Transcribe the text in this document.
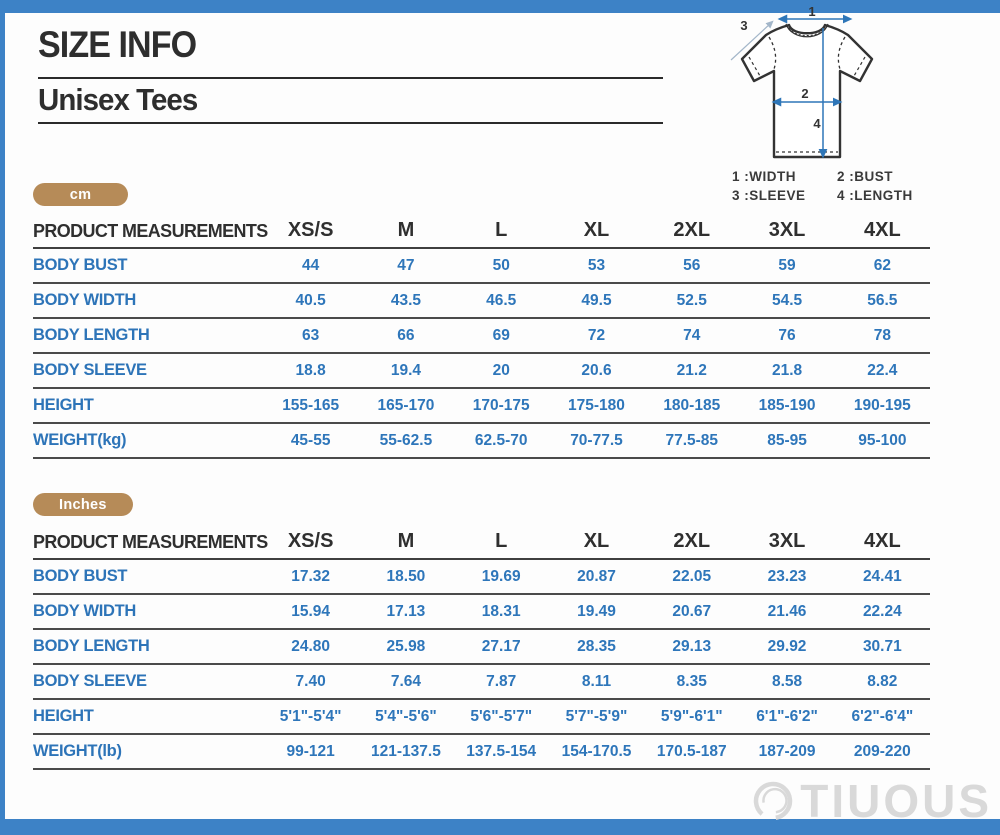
SIZE INFO
Unisex Tees
1
2
3
4
1 :WIDTH	2 :BUST
3 :SLEEVE	4 :LENGTH
cm
PRODUCT MEASUREMENTS	XS/S	M	L	XL	2XL	3XL	4XL
BODY BUST	44	47	50	53	56	59	62
BODY WIDTH	40.5	43.5	46.5	49.5	52.5	54.5	56.5
BODY LENGTH	63	66	69	72	74	76	78
BODY SLEEVE	18.8	19.4	20	20.6	21.2	21.8	22.4
HEIGHT	155-165	165-170	170-175	175-180	180-185	185-190	190-195
WEIGHT(kg)	45-55	55-62.5	62.5-70	70-77.5	77.5-85	85-95	95-100
Inches
PRODUCT MEASUREMENTS	XS/S	M	L	XL	2XL	3XL	4XL
BODY BUST	17.32	18.50	19.69	20.87	22.05	23.23	24.41
BODY WIDTH	15.94	17.13	18.31	19.49	20.67	21.46	22.24
BODY LENGTH	24.80	25.98	27.17	28.35	29.13	29.92	30.71
BODY SLEEVE	7.40	7.64	7.87	8.11	8.35	8.58	8.82
HEIGHT	5'1"-5'4"	5'4"-5'6"	5'6"-5'7"	5'7"-5'9"	5'9"-6'1"	6'1"-6'2"	6'2"-6'4"
WEIGHT(lb)	99-121	121-137.5	137.5-154	154-170.5	170.5-187	187-209	209-220
TIUOUS
